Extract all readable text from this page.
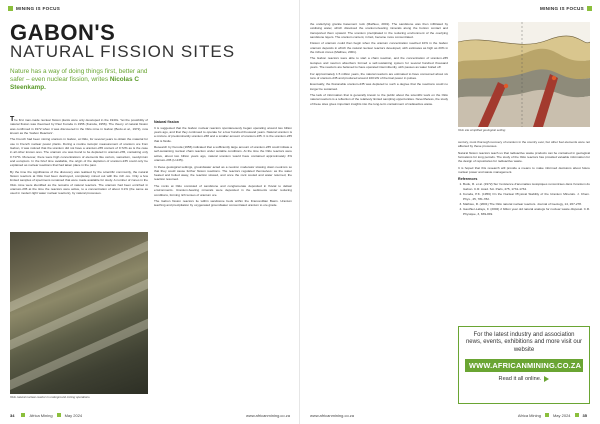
MINING IS FOCUS
GABON'S
NATURAL FISSION SITES
Nature has a way of doing things first, better and safer – even nuclear fission, writes Nicolas C Steenkamp.

The first man-made nuclear fission plants were only developed in the 1940s. Yet the possibility of natural fission was theorised by Paul Kuroda in 1956 (Kuroda, 1956). The theory of natural fission was confirmed in 1972 when it was discovered in the Oklo mine in Gabon (Bodu et al., 1972), now known as the 'Gabon Reactors'.

The French had been mining uranium in Gabon, at Oklo, for several years to obtain the material for use in French nuclear power plants. During a routine isotopic measurement of uranium ore from Gabon, it was noticed that the uranium did not have a uranium-235 content of 0.72% as is the case in all other known ores. The uranium ore was found to be depleted in uranium-235, containing only 0.717%. Moreover, there were high concentrations of elements like cerium, samarium, neodymium and europium. In the brief time available, the origin of the depletion of uranium-235 could only be explained as nuclear reactions that had taken place in the past.

By the time the significance of the discovery was realised by the scientific community, the natural fission reactors at Oklo had been destroyed, completely mined out with the rich ore. Only a few limited samples of specimens remained that were made available for study. A number of zones in the Oklo mine were identified as the remains of natural reactors. The uranium had been enriched in uranium-235 at the time the reactors were active, to a concentration of about 3.1% (the same as used in modern light water nuclear reactors), by natural processes.

Oklo natural nuclear reactor in underground mining operations.
Natural fission

It is suggested that the Gabon nuclear reactors spontaneously began operating around two billion years ago, and that they continued to operate for a few hundred thousand years. Natural uranium is a mixture of predominantly uranium-238 and a smaller amount of uranium-235. It is the uranium-235 that is fissile.

Research by Kuroda (1956) indicated that a sufficiently large amount of uranium-235 could initiate a self-sustaining nuclear chain reaction under suitable conditions. At the time the Oklo reactors were active, about two billion years ago, natural uranium would have contained approximately 3% uranium-235 (U-235).

In these geological settings, groundwater acted as a neutron moderator slowing down neutrons so that they could cause further fission reactions. The reactors regulated themselves: as the water heated and boiled away, the reaction slowed, and once the rock cooled and water returned, the reaction resumed.

The rocks at Oklo consisted of sandstone and conglomerate deposited in fluvial to deltaic environments. Uranium-bearing minerals were deposited in the sediments under reducing conditions, forming rich lenses of uranium ore.

The Gabon fission reactors lie within sandstone beds within the Francevillian Basin. Uranium leaching and precipitation by oxygenated groundwater concentrated uranium to ore grade.

34	Africa Mining	May 2024	www.africanmining.co.za
MINING IS FOCUS

the underlying granite basement rock (Mathieu, 2001). The sandstone was then infiltrated by oxidising water, which dissolved the uranium-bearing minerals along the bottom contact and transported them upward. The uranium precipitated in the reducing environment of the overlying sandstone layers. The uranium content, in fact, became more concentrated.

Fission of uranium could then begin when the uranium concentration reached 10% in the Gabon uranium deposits in which the natural nuclear reactors developed, with estimates as high as 20% in the richest zones (Mathieu, 2001).

The Gabon reactors were able to start a chain reaction, and the concentration of uranium-235 isotopes and neutron absorbers formed a self-sustaining system for several hundred thousand years. The reactors are believed to have operated intermittently, with pauses as water boiled off.

For approximately 1.5 million years, the natural reactors are estimated to have consumed about six tons of uranium-235 and produced around 100 kW of thermal power in pulses.

Eventually, the fissionable uranium-235 was depleted to such a degree that the reactions could no longer be sustained.

The lack of information that is generally known to the public about the scientific work on the Oklo natural reactors is a reflection of the relatively limited sampling opportunities. Nevertheless, the study of these sites gives important insights into the long-term containment of radioactive waste.

century, most thorough recovery of uranium in the country ever, but other fuel elements were not affected by these processes.

Natural fission reactors teach us that radioactive waste products can be contained in geological formations for long periods. The study of the Oklo reactors has provided valuable information for the design of repositories for radioactive waste.

It is hoped that this research will provide a means to make informed decisions about future nuclear power and waste management.

References
1. Bodu, R. et al. (1972) Sur l'existence d'anomalies isotopiques rencontrées dans l'uranium du Gabon. C.R. Acad. Sci. Paris, 275, 1731-1734.
2. Kuroda, P.K. (1956) On the Nuclear Physical Stability of the Uranium Minerals. J. Chem. Phys., 25, 781-782.
3. Mathieu, R. (2001) The Oklo natural nuclear reactors. Journal of Geology, 14, 267-278.
4. Gauthier-Lafaye, F. (2002) 2 billion year old natural analogs for nuclear waste disposal. C.R. Physique, 3, 839-849.
www.africanmining.co.za	Africa Mining	May 2024	35
Oklo site simplified geological setting.
For the latest industry and association news, events, exhibitions and more visit our website
WWW.AFRICANMINING.CO.ZA
Read it all online.
